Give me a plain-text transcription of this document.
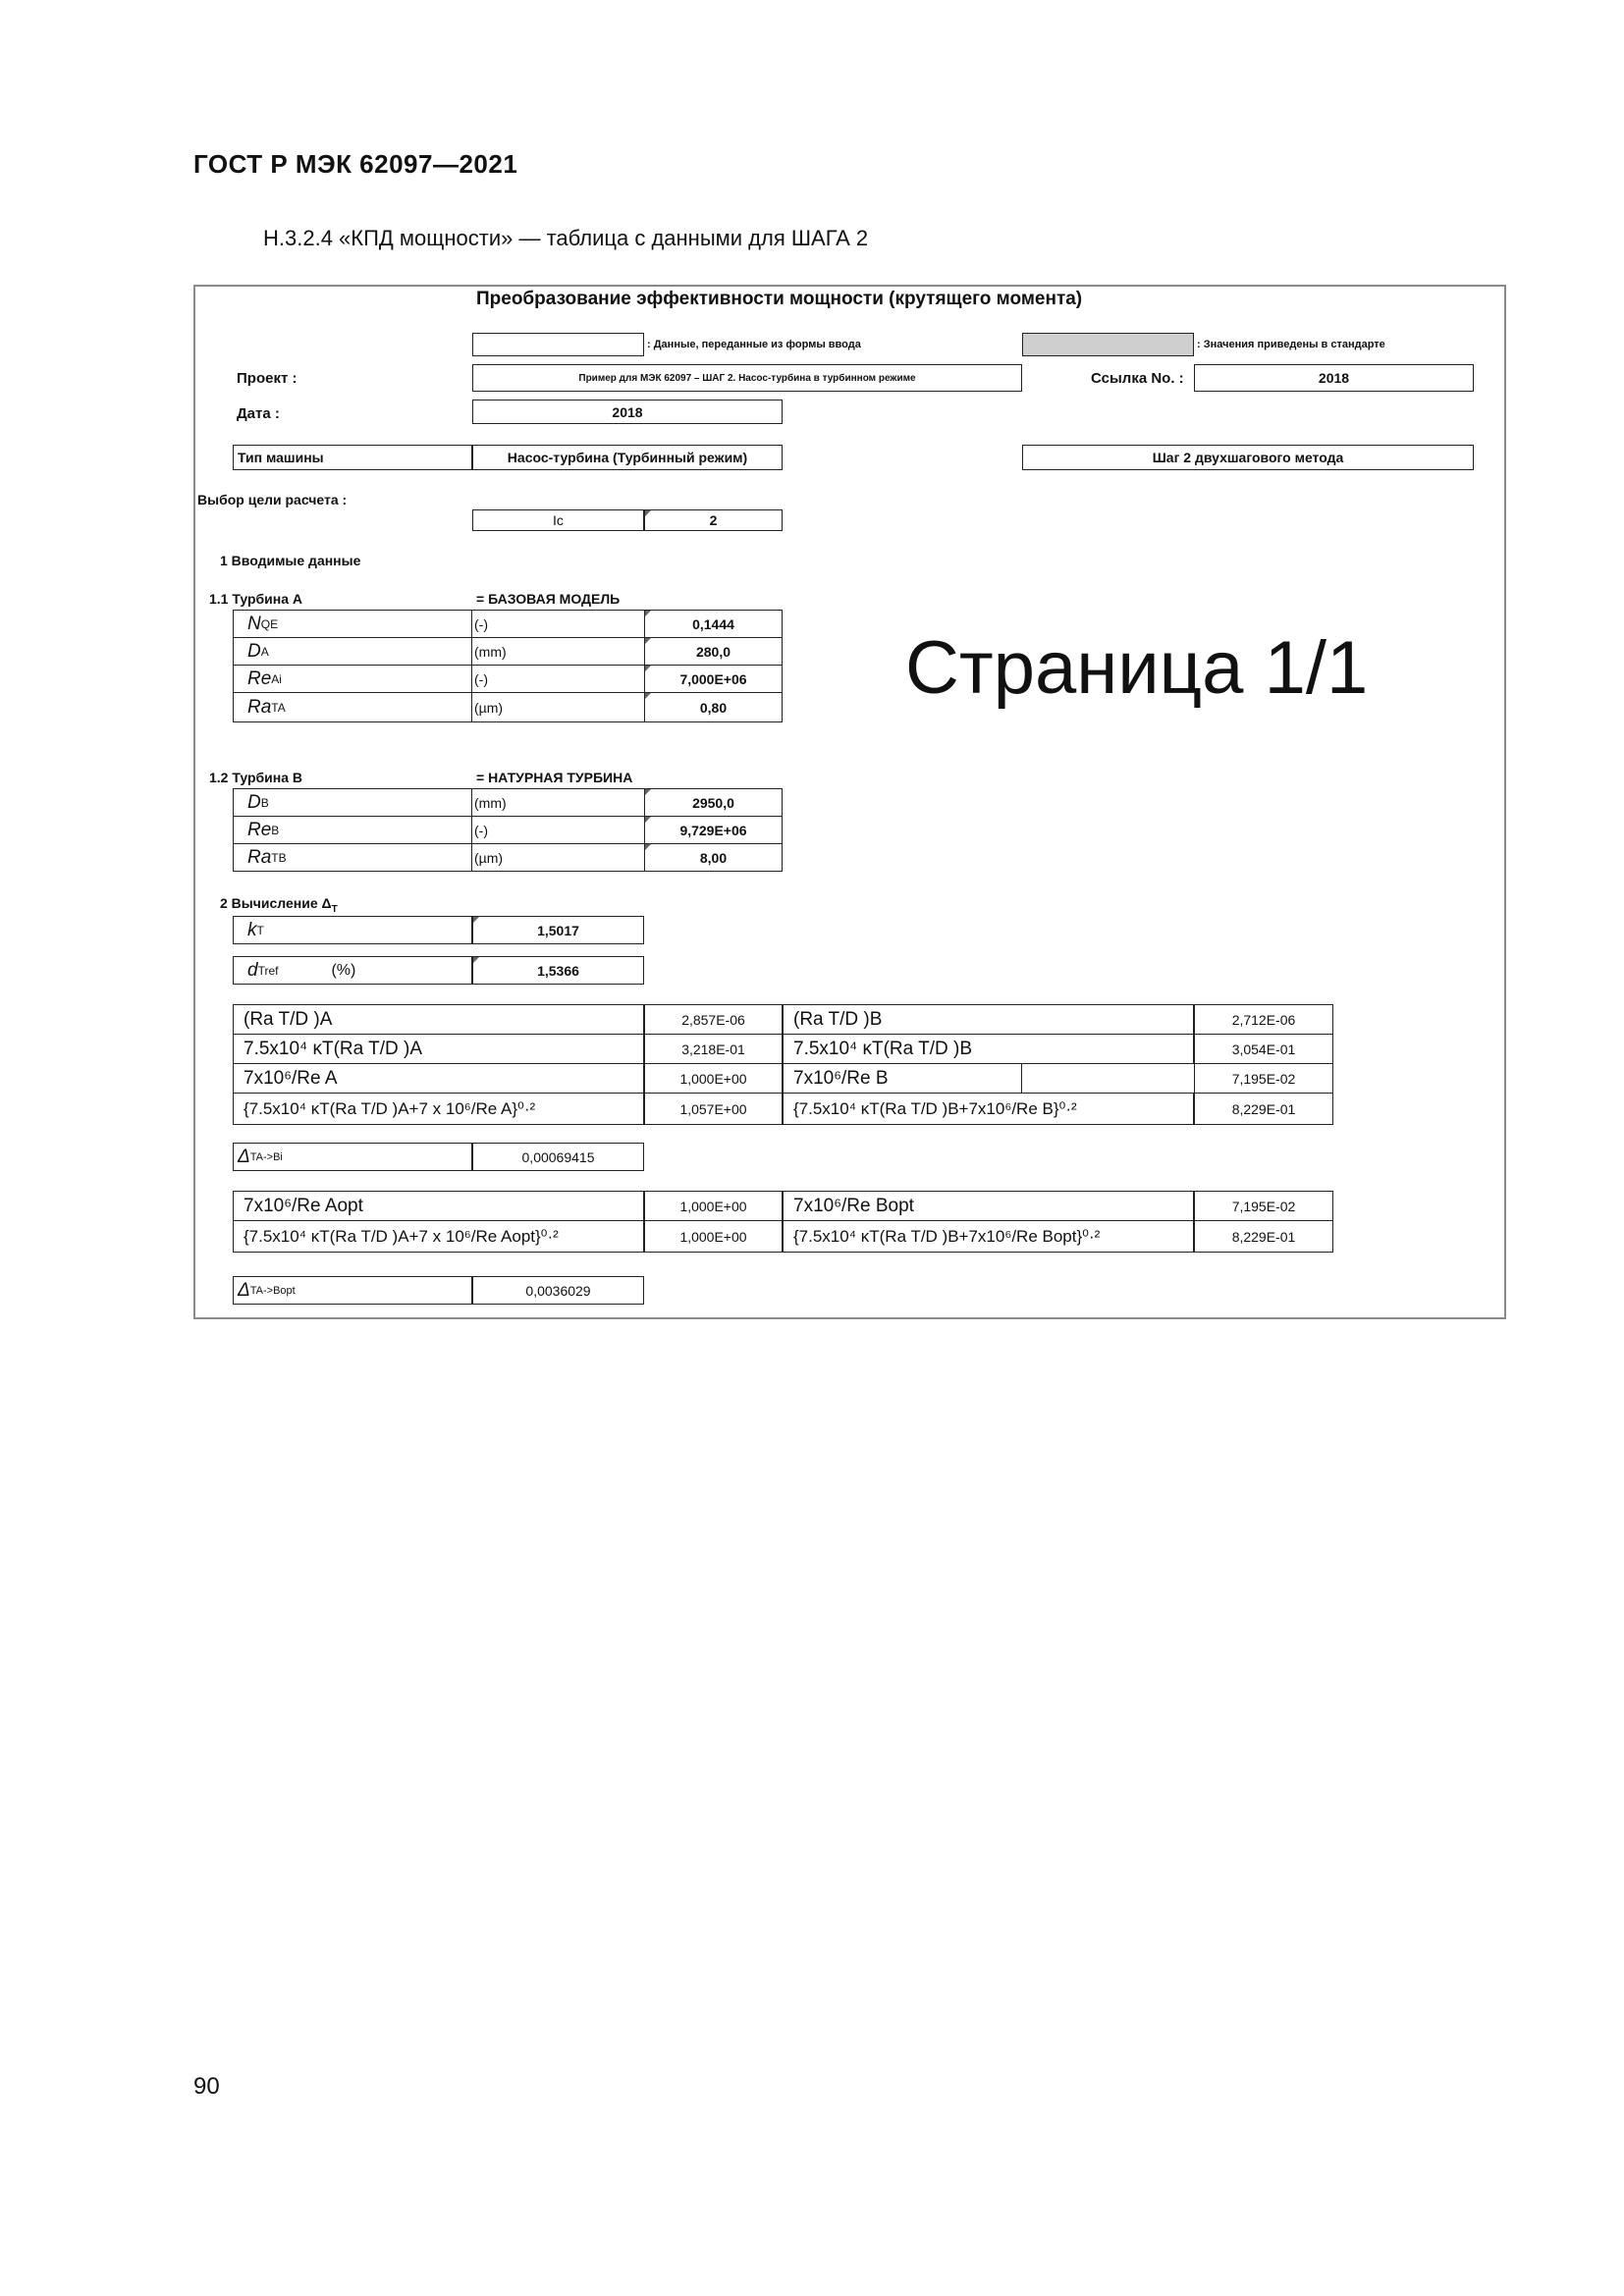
ГОСТ Р МЭК 62097—2021
Н.3.2.4 «КПД мощности» — таблица с данными для ШАГА 2
Преобразование эффективности мощности (крутящего момента)
: Данные, переданные из формы ввода	: Значения приведены в стандарте
Проект :	Пример для МЭК 62097 – ШАГ 2. Насос-турбина в турбинном режиме	Ссылка No. :	2018
Дата :	2018
Тип машины	Насос-турбина (Турбинный режим)	Шаг 2 двухшагового метода
Выбор цели расчета :
Ic	2
1 Вводимые данные
1.1 Турбина A	= БАЗОВАЯ МОДЕЛЬ
N QE	(-)	0,1444
D A	(mm)	280,0
Re Ai	(-)	7,000E+06
Ra TA	(µm)	0,80	Страница 1/1
1.2 Турбина B	= НАТУРНАЯ ТУРБИНА
D B	(mm)	2950,0
Re B	(-)	9,729E+06
Ra TB	(µm)	8,00
2 Вычисление $\Delta_T$
k T	1,5017
d Tref	(%)	1,5366
(Ra T/D )A	2,857E-06	(Ra T/D )B	2,712E-06
7.5x10⁴ κT(Ra T/D )A	3,218E-01	7.5x10⁴ κT(Ra T/D )B	3,054E-01
7x10⁶/Re A	1,000E+00	7x10⁶/Re B	7,195E-02
{7.5x10⁴ κT(Ra T/D )A+7 x 10⁶/Re A}⁰·²	1,057E+00	{7.5x10⁴ κT(Ra T/D )B+7x10⁶/Re B}⁰·²	8,229E-01
Δ TA->Bi	0,00069415
7x10⁶/Re Aopt	1,000E+00	7x10⁶/Re Bopt	7,195E-02
{7.5x10⁴ κT(Ra T/D )A+7 x 10⁶/Re Aopt}⁰·²	1,000E+00	{7.5x10⁴ κT(Ra T/D )B+7x10⁶/Re Bopt}⁰·²	8,229E-01
Δ TA->Bopt	0,0036029
90
